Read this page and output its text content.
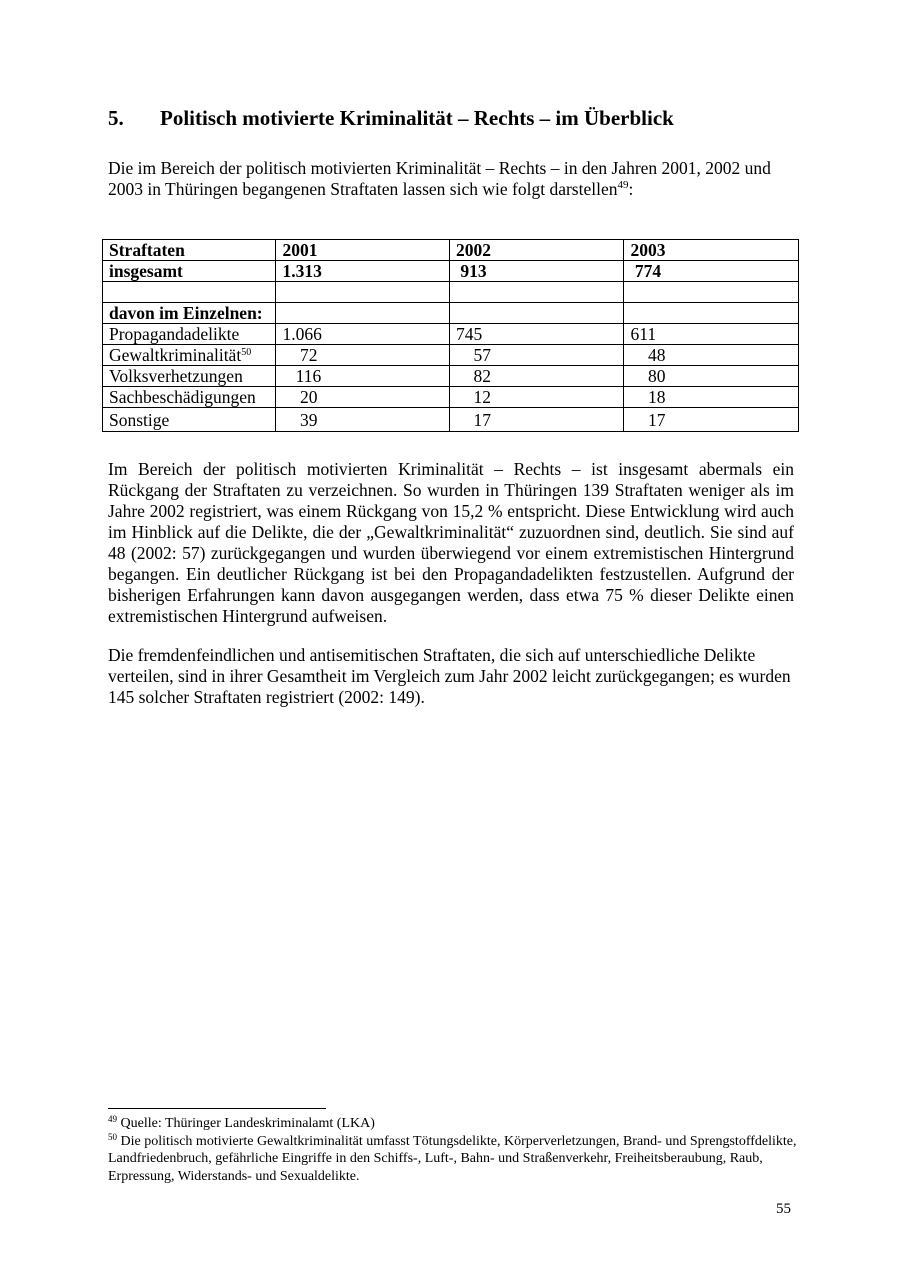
5. Politisch motivierte Kriminalität – Rechts – im Überblick
Die im Bereich der politisch motivierten Kriminalität – Rechts – in den Jahren 2001, 2002 und 2003 in Thüringen begangenen Straftaten lassen sich wie folgt darstellen$^{49}$:
Straftaten	2001	2002	2003
insgesamt	1.313	913	774

davon im Einzelnen:			
Propagandadelikte	1.066	745	611
Gewaltkriminalität$^{50}$	72	57	48
Volksverhetzungen	116	82	80
Sachbeschädigungen	20	12	18
Sonstige	39	17	17
Im Bereich der politisch motivierten Kriminalität – Rechts – ist insgesamt abermals ein Rückgang der Straftaten zu verzeichnen. So wurden in Thüringen 139 Straftaten weniger als im Jahre 2002 registriert, was einem Rückgang von 15,2 % entspricht. Diese Entwicklung wird auch im Hinblick auf die Delikte, die der „Gewaltkriminalität“ zuzuordnen sind, deutlich. Sie sind auf 48 (2002: 57) zurückgegangen und wurden überwiegend vor einem extremistischen Hintergrund begangen. Ein deutlicher Rückgang ist bei den Propagandadelikten festzustellen. Aufgrund der bisherigen Erfahrungen kann davon ausgegangen werden, dass etwa 75 % dieser Delikte einen extremistischen Hintergrund aufweisen.
Die fremdenfeindlichen und antisemitischen Straftaten, die sich auf unterschiedliche Delikte verteilen, sind in ihrer Gesamtheit im Vergleich zum Jahr 2002 leicht zurückgegangen; es wurden 145 solcher Straftaten registriert (2002: 149).

$^{49}$ Quelle: Thüringer Landeskriminalamt (LKA)

$^{50}$ Die politisch motivierte Gewaltkriminalität umfasst Tötungsdelikte, Körperverletzungen, Brand- und Sprengstoffdelikte, Landfriedenbruch, gefährliche Eingriffe in den Schiffs-, Luft-, Bahn- und Straßenverkehr, Freiheitsberaubung, Raub, Erpressung, Widerstands- und Sexualdelikte.

55
